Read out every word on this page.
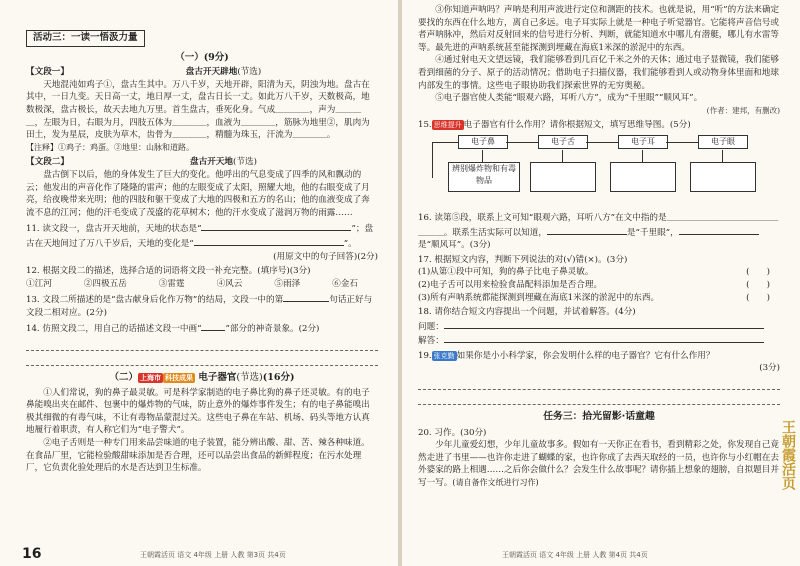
活动三：一读一悟汲力量
（一）(9分)
【文段一】	盘古开天辟地(节选)

天地混沌如鸡子①，盘古生其中。万八千岁，天地开辟，阳清为天，阴浊为地。盘古在其中，一日九变。天日高一丈，地日厚一丈，盘古日长一丈。如此万八千岁，天数极高，地数极深，盘古极长，故天去地九万里。首生盘古，垂死化身。气成＿＿＿＿，声为＿＿＿＿，左眼为日，右眼为月，四肢五体为＿＿＿＿，血液为＿＿＿＿，筋脉为地里②，肌肉为田土，发为星辰，皮肤为草木，齿骨为＿＿＿＿，精髓为珠玉，汗流为＿＿＿＿。

【注释】①鸡子：鸡蛋。②地里：山脉和道路。

【文段二】	盘古开天地(节选)

盘古倒下以后，他的身体发生了巨大的变化。他呼出的气息变成了四季的风和飘动的云；他发出的声音化作了隆隆的雷声；他的左眼变成了太阳，照耀大地，他的右眼变成了月亮，给夜晚带来光明；他的四肢和躯干变成了大地的四极和五方的名山；他的血液变成了奔流不息的江河；他的汗毛变成了茂盛的花草树木；他的汗水变成了滋润万物的雨露……

11. 读文段一，盘古开天地前，天地的状态是“	”；盘古在天地间过了万八千岁后，天地的变化是“	”。

(用原文中的句子回答)(2分)

12. 根据文段二的描述，选择合适的词语将文段一补充完整。(填序号)(3分)

①江河	②四极五岳	③雷霆	④风云	⑤雨泽	⑥金石

13. 文段二所描述的是“盘古献身后化作万物”的结局，文段一中的第	句话正好与文段二相对应。(2分)

14. 仿照文段二，用自己的话描述文段一中画“	”部分的神奇景象。(2分)

（二） 上海市 科技成果 电子器官(节选)(16分)

①人们常说，狗的鼻子最灵敏。可是科学家制造的电子鼻比狗的鼻子还灵敏。有的电子鼻能嗅出夹在邮件、包裹中的爆炸物的气味，防止意外的爆炸事件发生；有的电子鼻能嗅出极其细微的有毒气味，不让有毒物品蒙混过关。这些电子鼻在车站、机场、码头等地方认真地履行着职责，有人称它们为“电子警犬”。

②电子舌则是一种专门用来品尝味道的电子装置，能分辨出酸、甜、苦、辣各种味道。在食品厂里，它能检验酸甜味添加是否合理，还可以品尝出食品的新鲜程度；在污水处理厂，它负责化验处理后的水是否达到卫生标准。

16	王朝霞活页 语文 4年级 上册 人教 第3页 共4页

③你知道声呐吗？声呐是利用声波进行定位和测距的技术。也就是说，用“听”的方法来确定要找的东西在什么地方，离自己多远。电子耳实际上就是一种电子听觉器官。它能将声音信号或者声呐脉冲，然后对反射回来的信号进行分析、判断，就能知道水中哪儿有潜艇，哪儿有水雷等等。最先进的声呐系统甚至能探测到埋藏在海底1米深的淤泥中的东西。

④通过射电天文望远镜，我们能够看到几百亿千米之外的天体；通过电子显微镜，我们能够看到细菌的分子、原子的活动情况；借助电子扫描仪器，我们能够看到人或动物身体里面和地球内部发生的事情。这些电子眼协助我们探索世界的无穷奥秘。

⑤电子器官使人类能“眼观六路，耳听八方”，成为“千里眼”“顺风耳”。

(作者：建邦，有删改)

15. 思维提升 电子器官有什么作用？请你根据短文，填写思维导图。(5分)

电子鼻	电子舌	电子耳	电子眼
辨别爆炸物和有毒物品

16. 读第⑤段，联系上文可知“眼观六路，耳听八方”在文中指的是＿＿＿＿＿＿＿＿＿＿＿＿＿＿＿＿。联系生活实际可以知道，	是“千里眼”，是“顺风耳”。(3分)

17. 根据短文内容，判断下列说法的对(√)错(×)。(3分)

(1)从第①段中可知，狗的鼻子比电子鼻灵敏。	(　　)

(2)电子舌可以用来检验食品配料添加是否合理。	(　　)

(3)所有声呐系统都能探测到埋藏在海底1米深的淤泥中的东西。	(　　)

18. 请你结合短文内容提出一个问题，并试着解答。(4分)

问题：

解答：

19. 张克勤 如果你是小小科学家，你会发明什么样的电子器官？它有什么作用？

(3分)

任务三：拾光留影·话童趣

20. 习作。(30分)

少年儿童爱幻想，少年儿童故事多。假如有一天你正在看书，看到精彩之处，你发现自己竟然走进了书里——也许你走进了蝴蝶的家，也许你成了去西天取经的一员，也许你与小红帽在去外婆家的路上相遇……之后你会做什么？会发生什么故事呢？请你插上想象的翅膀，自拟题目并写一写。(请自备作文纸进行习作)	王朝霞活页
王朝霞活页 语文 4年级 上册 人教 第4页 共4页
